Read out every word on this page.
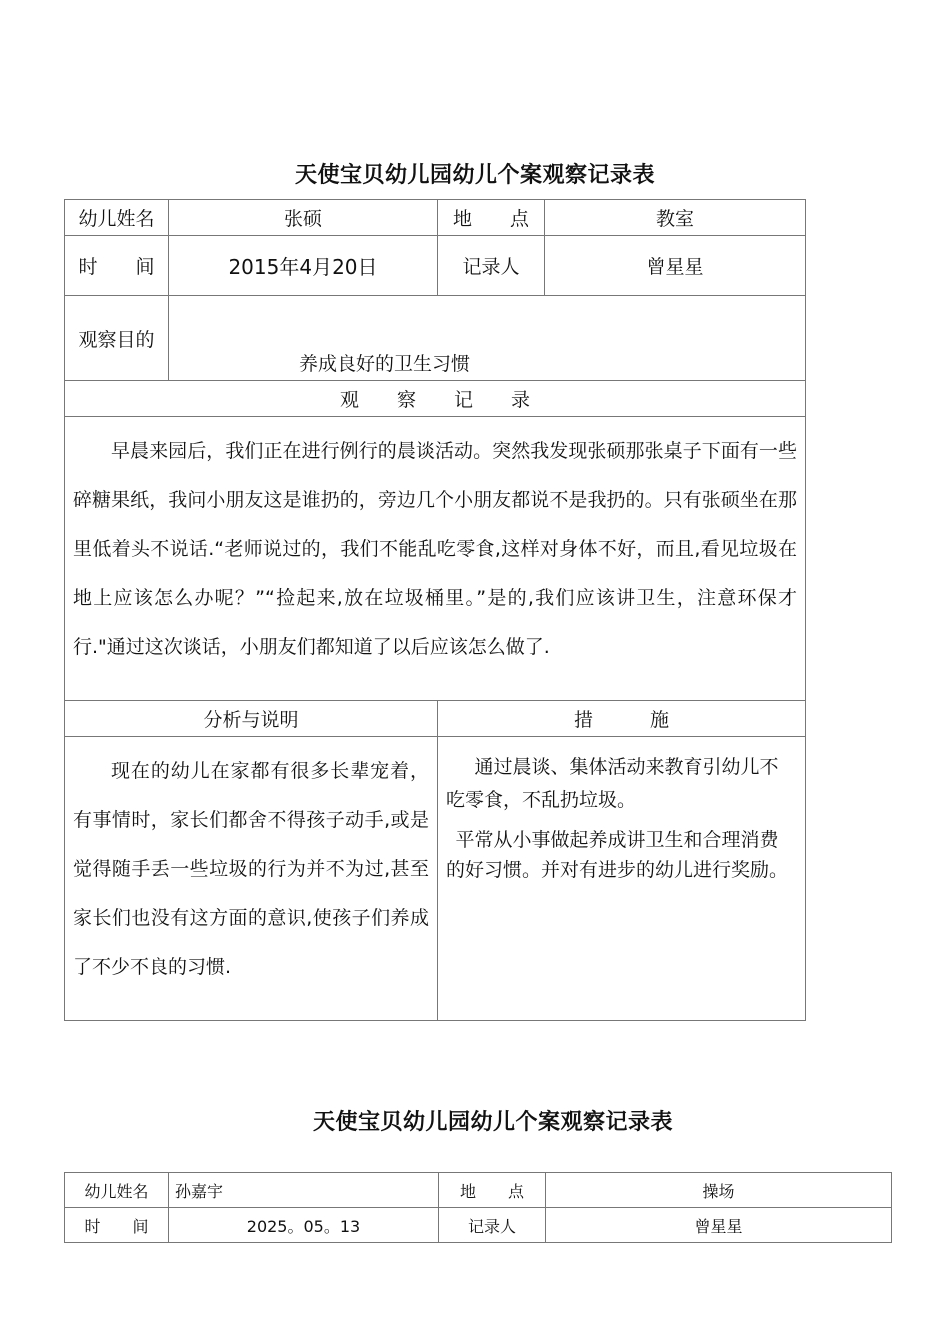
天使宝贝幼儿园幼儿个案观察记录表
幼儿姓名	张硕	地　　点	教室
时　　间	2015年4月20日	记录人	曾星星
观察目的	养成良好的卫生习惯		
观　　察　　记　　录			

早晨来园后，我们正在进行例行的晨谈活动。突然我发现张硕那张桌子下面有一些碎糖果纸，我问小朋友这是谁扔的，旁边几个小朋友都说不是我扔的。只有张硕坐在那里低着头不说话.“老师说过的，我们不能乱吃零食,这样对身体不好，而且,看见垃圾在地上应该怎么办呢？”“捡起来,放在垃圾桶里。”是的,我们应该讲卫生，注意环保才行."通过这次谈话，小朋友们都知道了以后应该怎么做了.			

分析与说明		措　　　施	

现在的幼儿在家都有很多长辈宠着，有事情时，家长们都舍不得孩子动手,或是觉得随手丢一些垃圾的行为并不为过,甚至家长们也没有这方面的意识,使孩子们养成了不少不良的习惯.		通过晨谈、集体活动来教育引幼儿不吃零食，不乱扔垃圾。
平常从小事做起养成讲卫生和合理消费的好习惯。并对有进步的幼儿进行奖励。	
天使宝贝幼儿园幼儿个案观察记录表
幼儿姓名	孙嘉宇	地　　点	操场
时　　间	2025。05。13	记录人	曾星星
